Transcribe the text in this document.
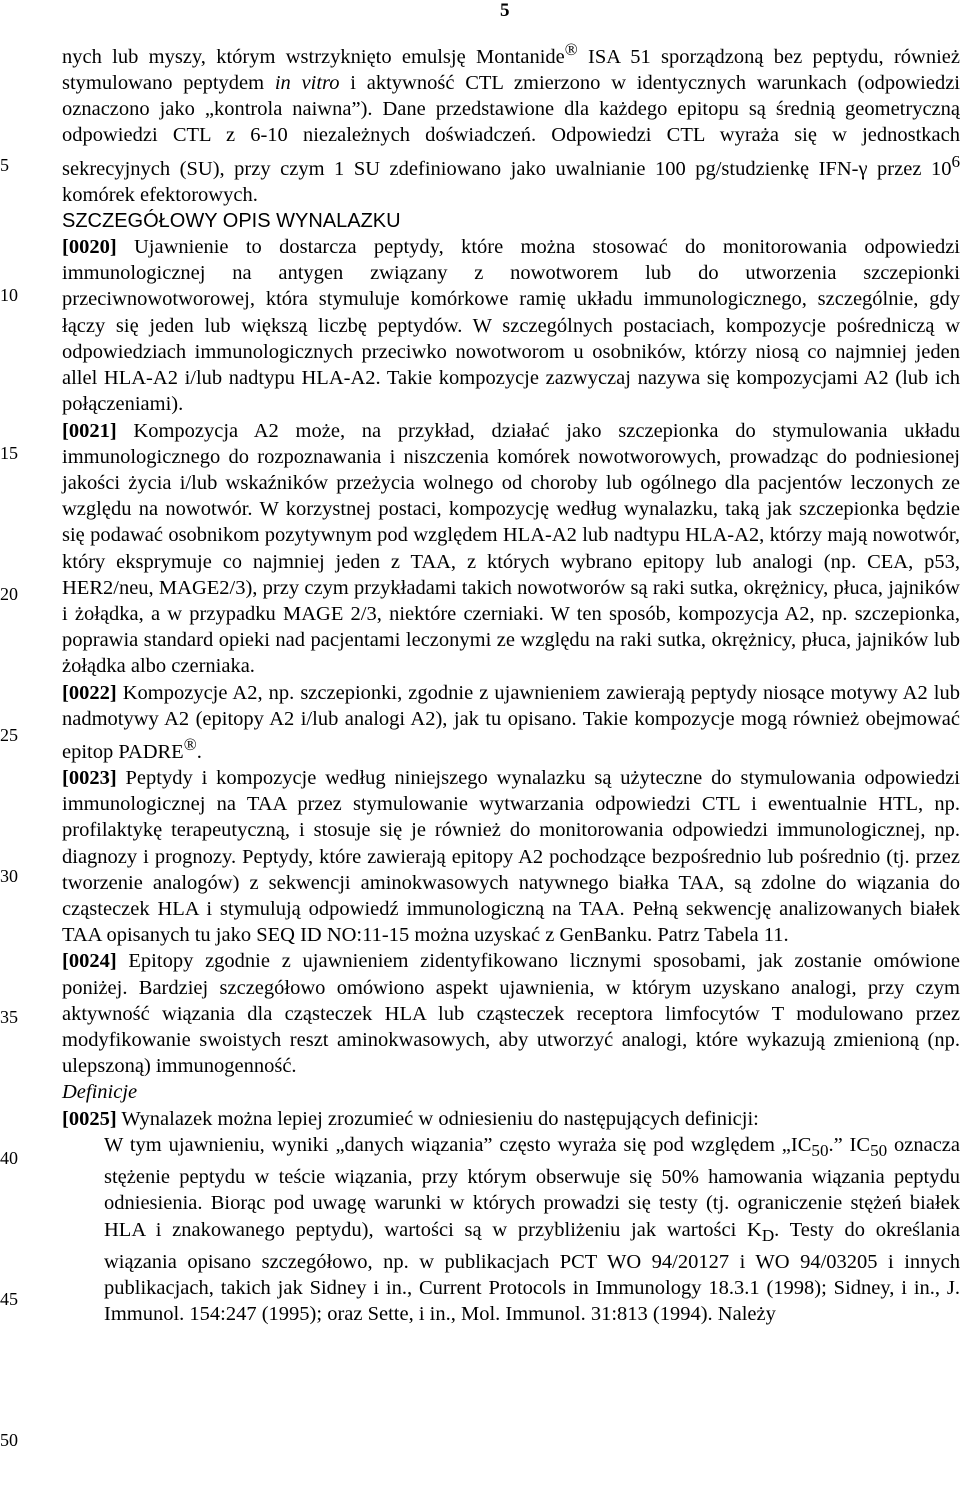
5
5
10
15
20
25
30
35
40
45
50

nych lub myszy, którym wstrzyknięto emulsję Montanide® ISA 51 sporządzoną bez peptydu, również stymulowano peptydem in vitro i aktywność CTL zmierzono w identycznych warunkach (odpowiedzi oznaczono jako „kontrola naiwna”). Dane przedstawione dla każdego epitopu są średnią geometryczną odpowiedzi CTL z 6-10 niezależnych doświadczeń. Odpowiedzi CTL wyraża się w jednostkach sekrecyjnych (SU), przy czym 1 SU zdefiniowano jako uwalnianie 100 pg/studzienkę IFN-γ przez $10^6$ komórek efektorowych.

SZCZEGÓŁOWY OPIS WYNALAZKU

[0020] Ujawnienie to dostarcza peptydy, które można stosować do monitorowania odpowiedzi immunologicznej na antygen związany z nowotworem lub do utworzenia szczepionki przeciwnowotworowej, która stymuluje komórkowe ramię układu immunologicznego, szczególnie, gdy łączy się jeden lub większą liczbę peptydów. W szczególnych postaciach, kompozycje pośredniczą w odpowiedziach immunologicznych przeciwko nowotworom u osobników, którzy niosą co najmniej jeden allel HLA-A2 i/lub nadtypu HLA-A2. Takie kompozycje zazwyczaj nazywa się kompozycjami A2 (lub ich połączeniami).

[0021] Kompozycja A2 może, na przykład, działać jako szczepionka do stymulowania układu immunologicznego do rozpoznawania i niszczenia komórek nowotworowych, prowadząc do podniesionej jakości życia i/lub wskaźników przeżycia wolnego od choroby lub ogólnego dla pacjentów leczonych ze względu na nowotwór. W korzystnej postaci, kompozycję według wynalazku, taką jak szczepionka będzie się podawać osobnikom pozytywnym pod względem HLA-A2 lub nadtypu HLA-A2, którzy mają nowotwór, który eksprymuje co najmniej jeden z TAA, z których wybrano epitopy lub analogi (np. CEA, p53, HER2/neu, MAGE2/3), przy czym przykładami takich nowotworów są raki sutka, okrężnicy, płuca, jajników i żołądka, a w przypadku MAGE 2/3, niektóre czerniaki. W ten sposób, kompozycja A2, np. szczepionka, poprawia standard opieki nad pacjentami leczonymi ze względu na raki sutka, okrężnicy, płuca, jajników lub żołądka albo czerniaka.

[0022] Kompozycje A2, np. szczepionki, zgodnie z ujawnieniem zawierają peptydy niosące motywy A2 lub nadmotywy A2 (epitopy A2 i/lub analogi A2), jak tu opisano. Takie kompozycje mogą również obejmować epitop PADRE®.

[0023] Peptydy i kompozycje według niniejszego wynalazku są użyteczne do stymulowania odpowiedzi immunologicznej na TAA przez stymulowanie wytwarzania odpowiedzi CTL i ewentualnie HTL, np. profilaktykę terapeutyczną, i stosuje się je również do monitorowania odpowiedzi immunologicznej, np. diagnozy i prognozy. Peptydy, które zawierają epitopy A2 pochodzące bezpośrednio lub pośrednio (tj. przez tworzenie analogów) z sekwencji aminokwasowych natywnego białka TAA, są zdolne do wiązania do cząsteczek HLA i stymulują odpowiedź immunologiczną na TAA. Pełną sekwencję analizowanych białek TAA opisanych tu jako SEQ ID NO:11-15 można uzyskać z GenBanku. Patrz Tabela 11.

[0024] Epitopy zgodnie z ujawnieniem zidentyfikowano licznymi sposobami, jak zostanie omówione poniżej. Bardziej szczegółowo omówiono aspekt ujawnienia, w którym uzyskano analogi, przy czym aktywność wiązania dla cząsteczek HLA lub cząsteczek receptora limfocytów T modulowano przez modyfikowanie swoistych reszt aminokwasowych, aby utworzyć analogi, które wykazują zmienioną (np. ulepszoną) immunogenność.

Definicje

[0025] Wynalazek można lepiej zrozumieć w odniesieniu do następujących definicji:

W tym ujawnieniu, wyniki „danych wiązania” często wyraża się pod względem $„IC_{50}$.” $IC_{50}$ oznacza stężenie peptydu w teście wiązania, przy którym obserwuje się 50% hamowania wiązania peptydu odniesienia. Biorąc pod uwagę warunki w których prowadzi się testy (tj. ograniczenie stężeń białek HLA i znakowanego peptydu), wartości są w przybliżeniu jak wartości $K_D$. Testy do określania wiązania opisano szczegółowo, np. w publikacjach PCT WO 94/20127 i WO 94/03205 i innych publikacjach, takich jak Sidney i in., Current Protocols in Immunology 18.3.1 (1998); Sidney, i in., J. Immunol. 154:247 (1995); oraz Sette, i in., Mol. Immunol. 31:813 (1994). Należy
